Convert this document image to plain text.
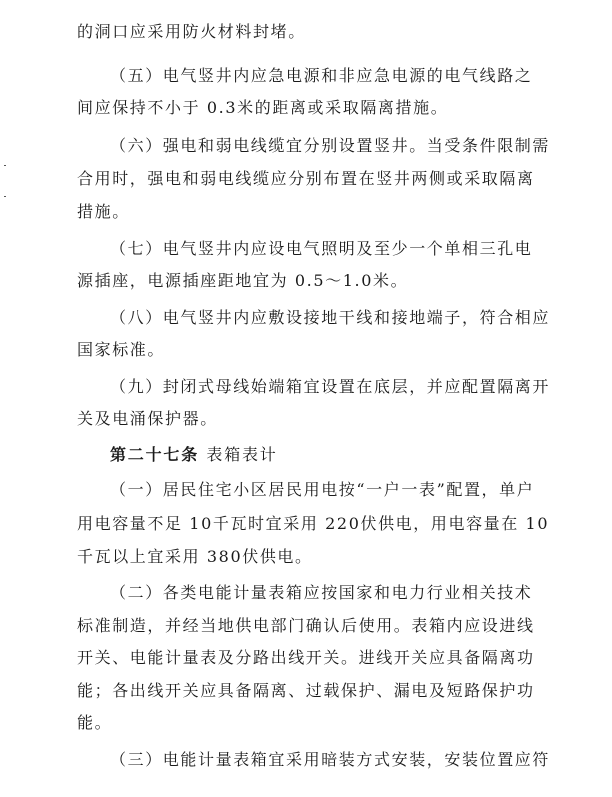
的洞口应采用防火材料封堵。
（五）电气竖井内应急电源和非应急电源的电气线路之
间应保持不小于 0.3米的距离或采取隔离措施。
（六）强电和弱电线缆宜分别设置竖井。当受条件限制需
合用时，强电和弱电线缆应分别布置在竖井两侧或采取隔离
措施。
（七）电气竖井内应设电气照明及至少一个单相三孔电
源插座，电源插座距地宜为 0.5～1.0米。
（八）电气竖井内应敷设接地干线和接地端子，符合相应
国家标准。
（九）封闭式母线始端箱宜设置在底层，并应配置隔离开
关及电涌保护器。
第二十七条 表箱表计
（一）居民住宅小区居民用电按“一户一表”配置，单户
用电容量不足 10千瓦时宜采用 220伏供电，用电容量在 10
千瓦以上宜采用 380伏供电。
（二）各类电能计量表箱应按国家和电力行业相关技术
标准制造，并经当地供电部门确认后使用。表箱内应设进线
开关、电能计量表及分路出线开关。进线开关应具备隔离功
能；各出线开关应具备隔离、过载保护、漏电及短路保护功
能。
（三）电能计量表箱宜采用暗装方式安装，安装位置应符
